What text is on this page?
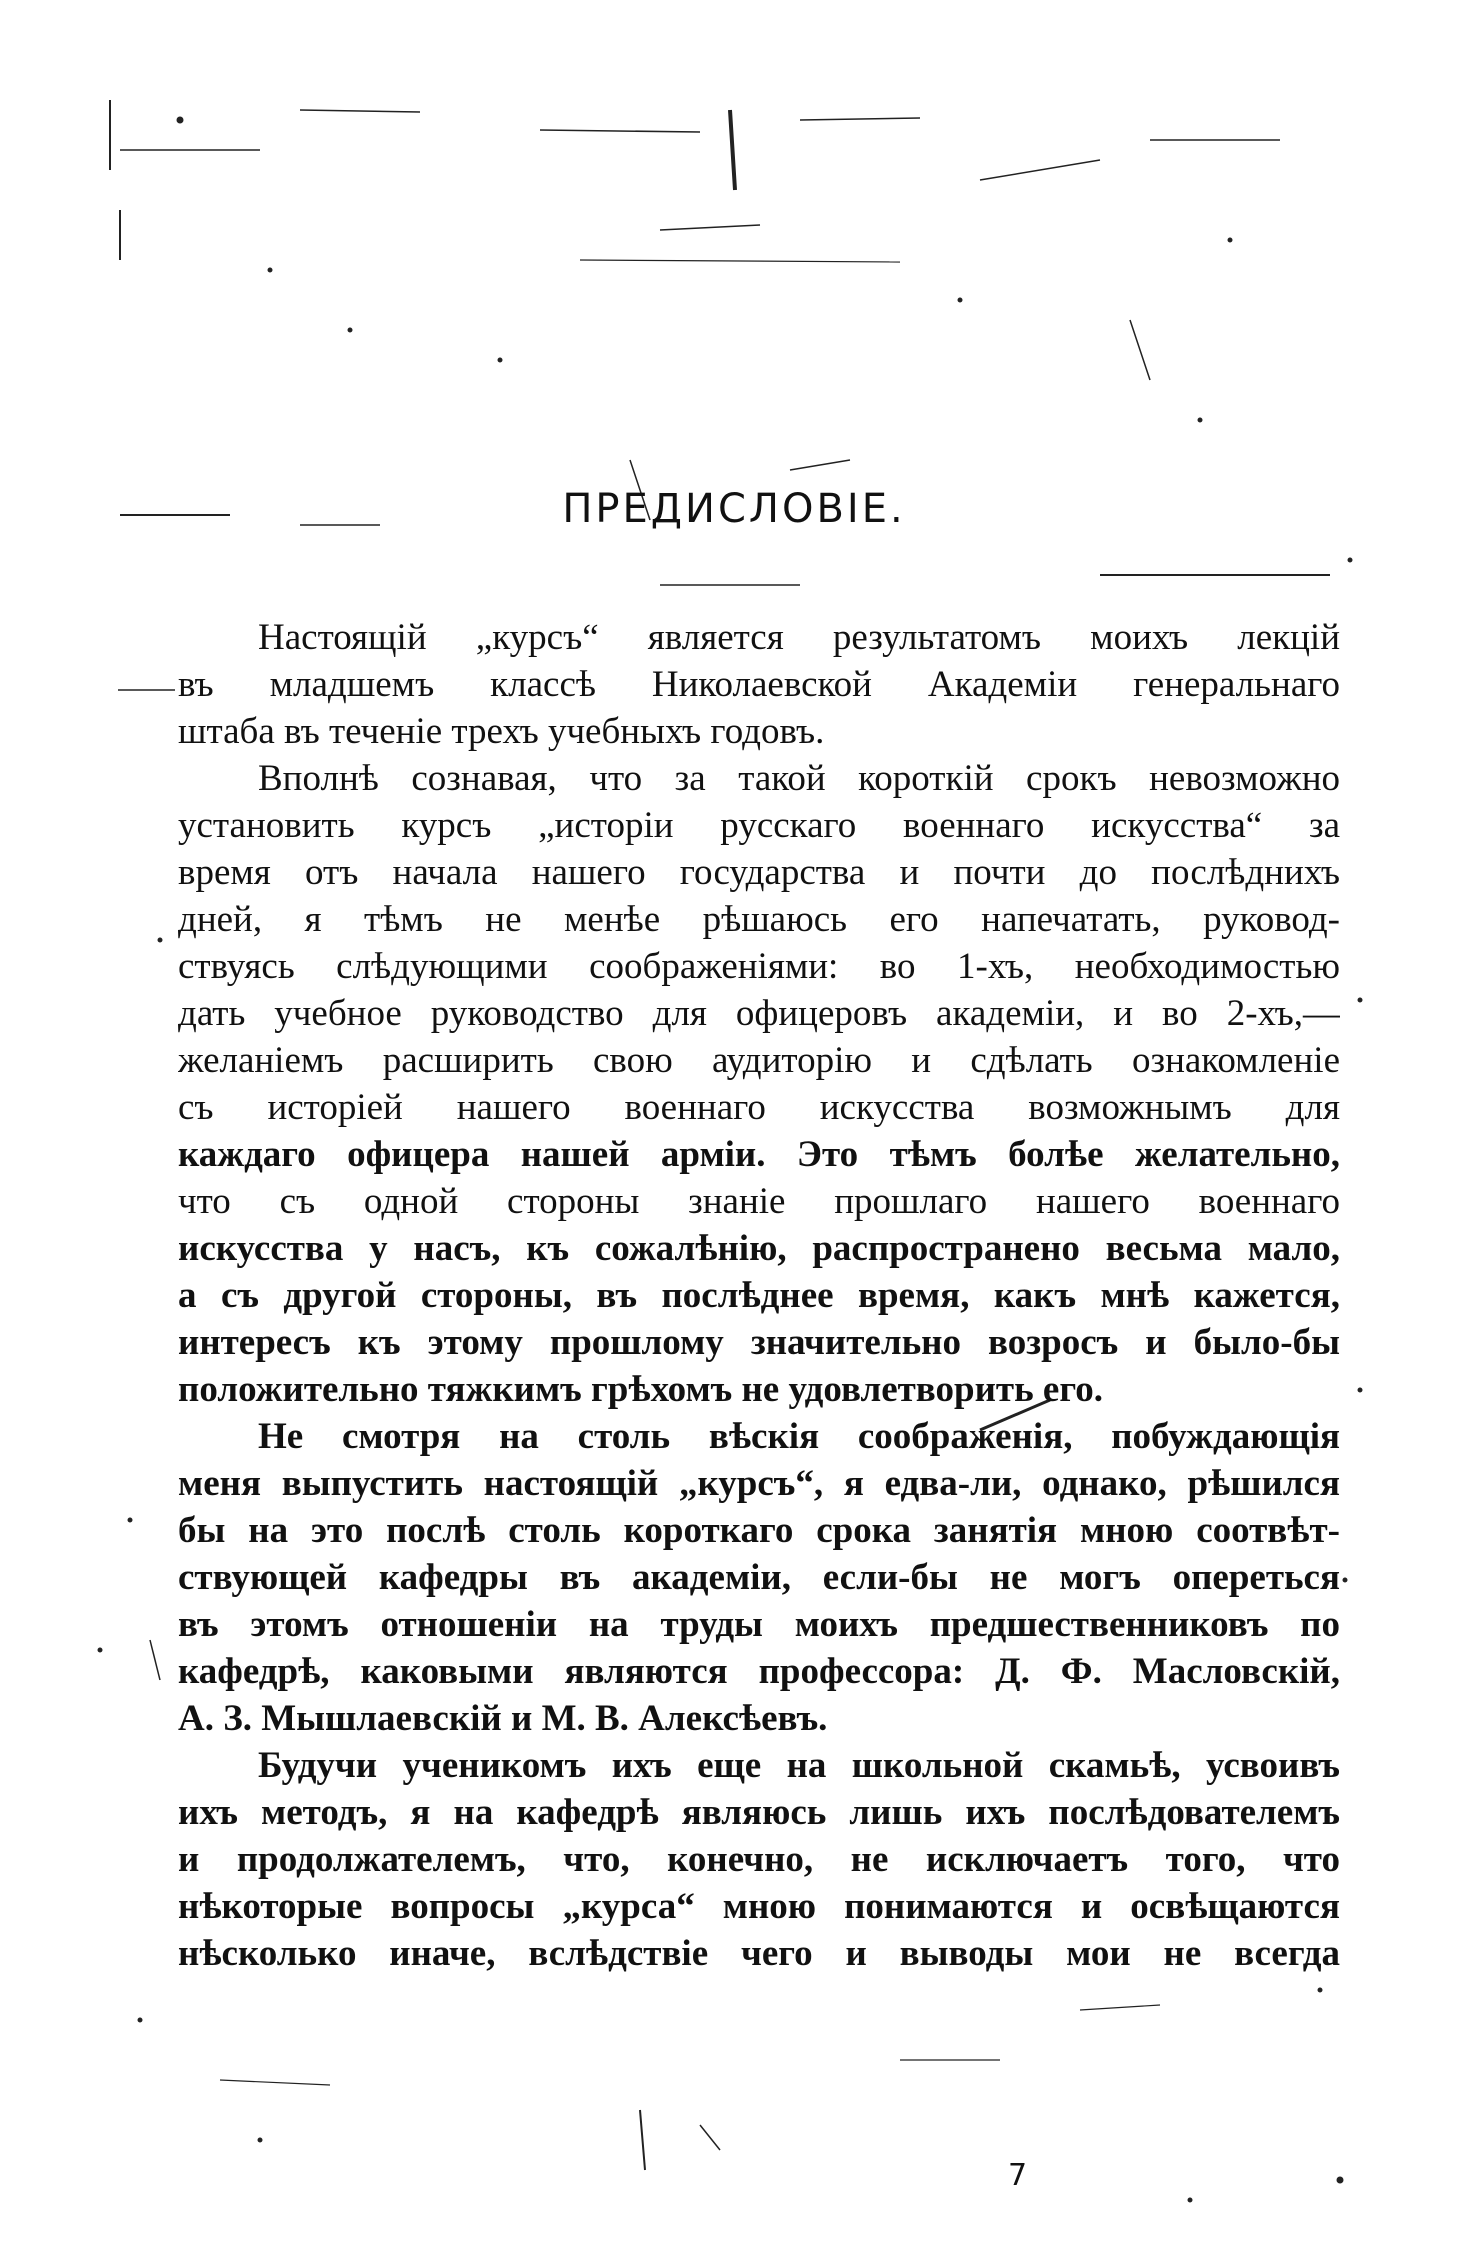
ПРЕДИСЛОВІЕ.
Настоящій „курсъ“ является результатомъ моихъ лекцій
въ младшемъ классѣ Николаевской Академіи генеральнаго
штаба въ теченіе трехъ учебныхъ годовъ.
Вполнѣ сознавая, что за такой короткій срокъ невозможно
установить курсъ „исторіи русскаго военнаго искусства“ за
время отъ начала нашего государства и почти до послѣднихъ
дней, я тѣмъ не менѣе рѣшаюсь его напечатать, руковод-
ствуясь слѣдующими соображеніями: во 1-хъ, необходимостью
дать учебное руководство для офицеровъ академіи, и во 2-хъ,—
желаніемъ расширить свою аудиторію и сдѣлать ознакомленіе
съ исторіей нашего военнаго искусства возможнымъ для
каждаго офицера нашей арміи. Это тѣмъ болѣе желательно,
что съ одной стороны знаніе прошлаго нашего военнаго
искусства у насъ, къ сожалѣнію, распространено весьма мало,
а съ другой стороны, въ послѣднее время, какъ мнѣ кажется,
интересъ къ этому прошлому значительно возросъ и было-бы
положительно тяжкимъ грѣхомъ не удовлетворить его.
Не смотря на столь вѣскія соображенія, побуждающія
меня выпустить настоящій „курсъ“, я едва-ли, однако, рѣшился
бы на это послѣ столь короткаго срока занятія мною соотвѣт-
ствующей кафедры въ академіи, если-бы не могъ опереться
въ этомъ отношеніи на труды моихъ предшественниковъ по
кафедрѣ, каковыми являются профессора: Д. Ф. Масловскій,
А. З. Мышлаевскій и М. В. Алексѣевъ.
Будучи ученикомъ ихъ еще на школьной скамьѣ, усвоивъ
ихъ методъ, я на кафедрѣ являюсь лишь ихъ послѣдователемъ
и продолжателемъ, что, конечно, не исключаетъ того, что
нѣкоторые вопросы „курса“ мною понимаются и освѣщаются
нѣсколько иначе, вслѣдствіе чего и выводы мои не всегда
7
